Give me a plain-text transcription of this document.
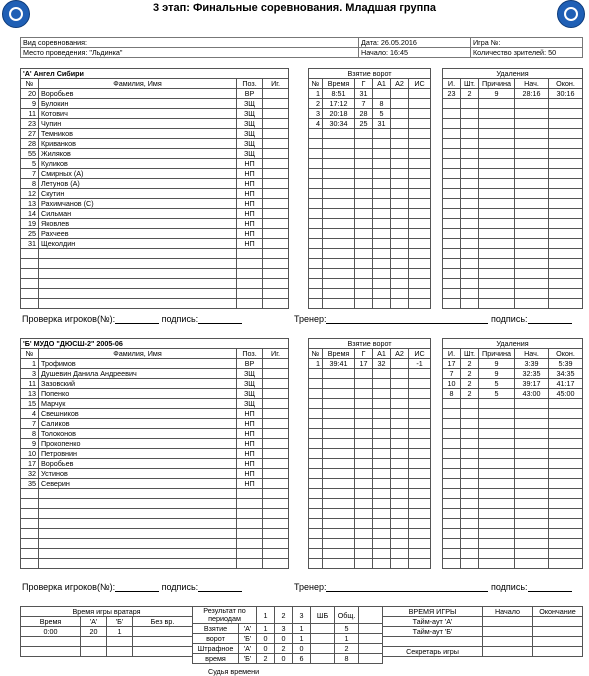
3 этап: Финальные соревнования. Младшая группа
Вид соревнования:	Дата: 26.05.2016	Игра №:
Место проведения: "Льдинка"	Начало: 16:45	Количество зрителей: 50
'А' Ангел Сибири			
№	Фамилия, Имя	Поз.	Иг.
20	Воробьев	ВР	
9	Булокин	ЗЩ	
11	Котович	ЗЩ	
23	Чупин	ЗЩ	
27	Темников	ЗЩ	
28	Криванков	ЗЩ	
55	Жиляков	ЗЩ	
5	Куликов	НП	
7	Смирных (А)	НП	
8	Летунов (А)	НП	
12	Скутин	НП	
13	Рахимчанов (С)	НП	
14	Сильман	НП	
19	Яковлев	НП	
25	Рахчеев	НП	
31	Щеколдин	НП	

Взятие ворот					
№	Время	Г	А1	А2	ИС
1	8:51	31			
2	17:12	7	8		
3	20:18	28	5		
4	30:34	25	31		

Удаления				
И.	Шт.	Причина	Нач.	Окон.
23	2	9	28:16	30:16

Проверка игроков(№):	подпись:	Тренер:	подпись:
'Б' МУДО "ДЮСШ-2" 2005-06			
№	Фамилия, Имя	Поз.	Иг.
1	Трофимов	ВР	
3	Душевин Данила Андреевич	ЗЩ	
11	Зазовский	ЗЩ	
13	Попенко	ЗЩ	
15	Марчук	ЗЩ	
4	Свешников	НП	
7	Саликов	НП	
8	Толоконов	НП	
9	Прокопенко	НП	
10	Петровнин	НП	
17	Воробьев	НП	
32	Устинов	НП	
35	Северин	НП	

Взятие ворот					
№	Время	Г	А1	А2	ИС
1	39:41	17	32		-1

Удаления				
И.	Шт.	Причина	Нач.	Окон.
17	2	9	3:39	5:39
7	2	9	32:35	34:35
10	2	5	39:17	41:17
8	2	5	43:00	45:00

Проверка игроков(№):	подпись:	Тренер:	подпись:
Время игры вратаря			
Время	'А'	'Б'	Без вр.
0:00	20	1	

Результат по периодам		1	2	3	ШБ	Общ.	
Взятие	'А'	1	3	1		5	
ворот	'Б'	0	0	1		1	
Штрафное	'А'	0	2	0		2	
время	'Б'	2	0	6		8	
ВРЕМЯ ИГРЫ	Начало	Окончание
Тайм-аут 'А'		
Тайм-аут 'Б'		

Секретарь игры		
Судья времени
